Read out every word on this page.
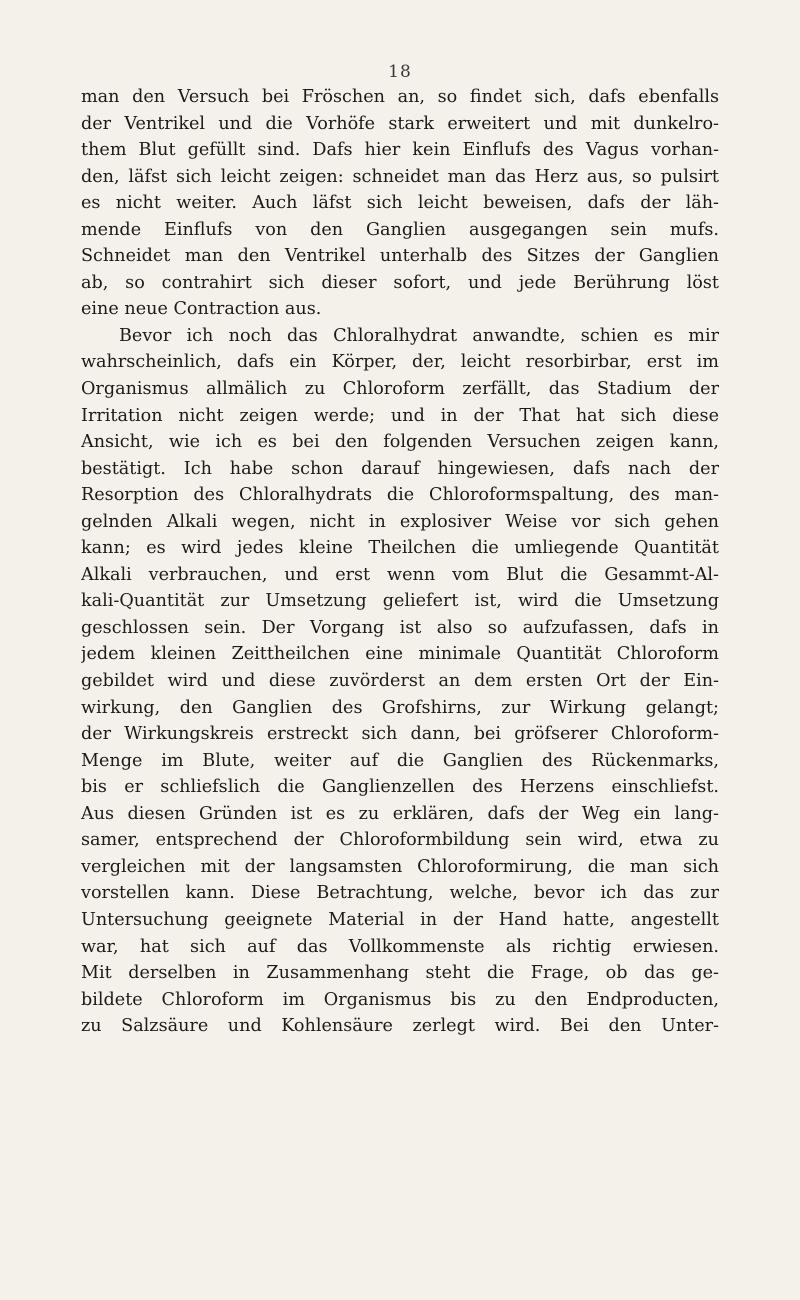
18
man den Versuch bei Fröschen an, so findet sich, dafs ebenfalls
der Ventrikel und die Vorhöfe stark erweitert und mit dunkelro-
them Blut gefüllt sind. Dafs hier kein Einflufs des Vagus vorhan-
den, läfst sich leicht zeigen: schneidet man das Herz aus, so pulsirt
es nicht weiter. Auch läfst sich leicht beweisen, dafs der läh-
mende Einflufs von den Ganglien ausgegangen sein mufs.
Schneidet man den Ventrikel unterhalb des Sitzes der Ganglien
ab, so contrahirt sich dieser sofort, und jede Berührung löst
eine neue Contraction aus.
Bevor ich noch das Chloralhydrat anwandte, schien es mir
wahrscheinlich, dafs ein Körper, der, leicht resorbirbar, erst im
Organismus allmälich zu Chloroform zerfällt, das Stadium der
Irritation nicht zeigen werde; und in der That hat sich diese
Ansicht, wie ich es bei den folgenden Versuchen zeigen kann,
bestätigt. Ich habe schon darauf hingewiesen, dafs nach der
Resorption des Chloralhydrats die Chloroformspaltung, des man-
gelnden Alkali wegen, nicht in explosiver Weise vor sich gehen
kann; es wird jedes kleine Theilchen die umliegende Quantität
Alkali verbrauchen, und erst wenn vom Blut die Gesammt-Al-
kali-Quantität zur Umsetzung geliefert ist, wird die Umsetzung
geschlossen sein. Der Vorgang ist also so aufzufassen, dafs in
jedem kleinen Zeittheilchen eine minimale Quantität Chloroform
gebildet wird und diese zuvörderst an dem ersten Ort der Ein-
wirkung, den Ganglien des Grofshirns, zur Wirkung gelangt;
der Wirkungskreis erstreckt sich dann, bei gröfserer Chloroform-
Menge im Blute, weiter auf die Ganglien des Rückenmarks,
bis er schliefslich die Ganglienzellen des Herzens einschliefst.
Aus diesen Gründen ist es zu erklären, dafs der Weg ein lang-
samer, entsprechend der Chloroformbildung sein wird, etwa zu
vergleichen mit der langsamsten Chloroformirung, die man sich
vorstellen kann. Diese Betrachtung, welche, bevor ich das zur
Untersuchung geeignete Material in der Hand hatte, angestellt
war, hat sich auf das Vollkommenste als richtig erwiesen.
Mit derselben in Zusammenhang steht die Frage, ob das ge-
bildete Chloroform im Organismus bis zu den Endproducten,
zu Salzsäure und Kohlensäure zerlegt wird. Bei den Unter-
